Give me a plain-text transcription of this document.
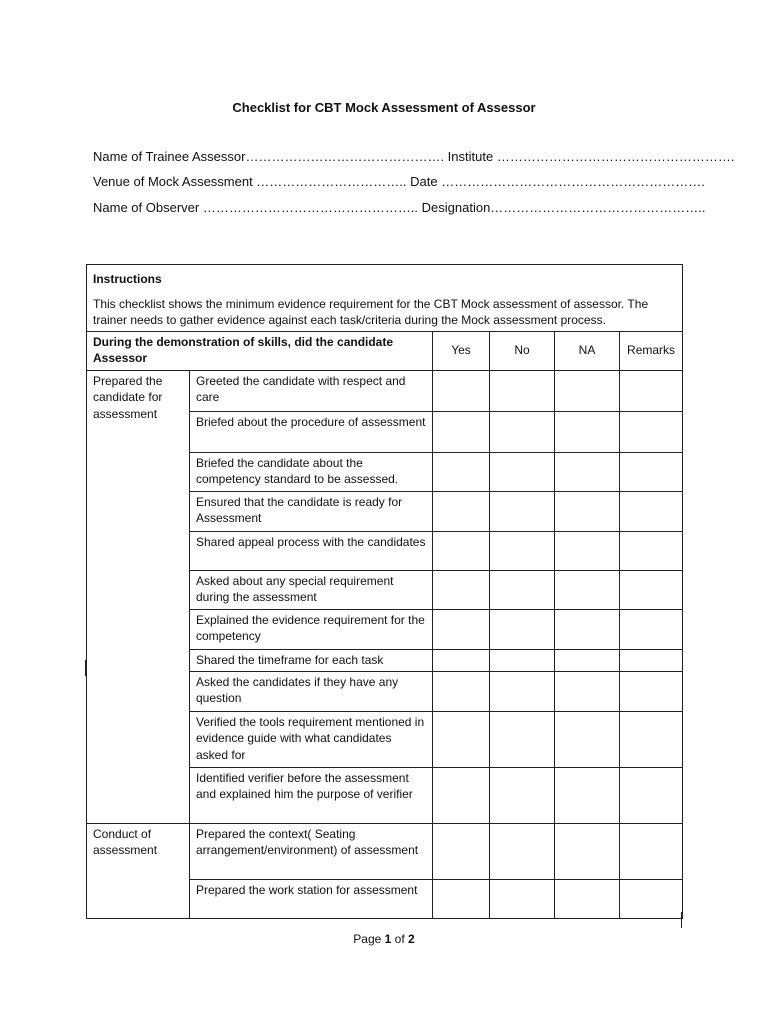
Checklist for CBT Mock Assessment of Assessor
Name of Trainee Assessor………………………………………. Institute ……………………………………………….
Venue of Mock Assessment …………………………….. Date …………………………………………………….
Name of Observer ………………………………………….. Designation…………………………………………..
Instructions
This checklist shows the minimum evidence requirement for the CBT Mock assessment of assessor. The trainer needs to gather evidence against each task/criteria during the Mock assessment process.					

During the demonstration of skills, did the candidate Assessor		Yes	No	NA	Remarks
Prepared the candidate for assessment	Greeted the candidate with respect and care				
	Briefed about the procedure of assessment				
	Briefed the candidate about the competency standard to be assessed.				
	Ensured that the candidate is ready for Assessment				
	Shared appeal process with the candidates				
	Asked about any special requirement during the assessment				
	Explained the evidence requirement for the competency				
	Shared the timeframe for each task				
	Asked the candidates if they have any question				
	Verified the tools requirement mentioned in evidence guide with what candidates asked for				
	Identified verifier before the assessment and explained him the purpose of verifier				
Conduct of assessment	Prepared the context( Seating arrangement/environment) of assessment				
	Prepared the work station for assessment				
Page 1 of 2
